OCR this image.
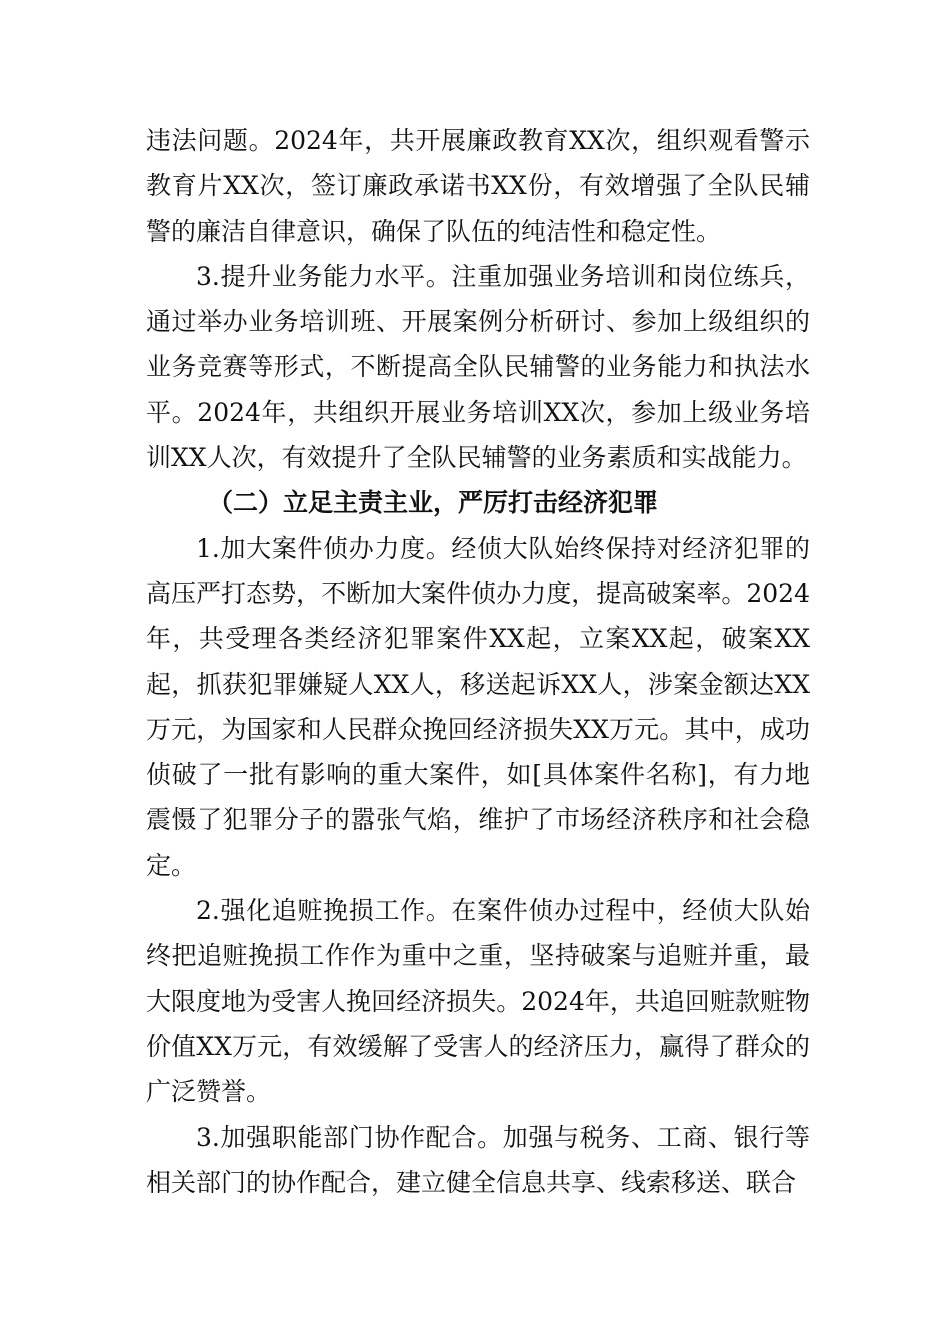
违法问题。2024年，共开展廉政教育XX次，组织观看警示教育片XX次，签订廉政承诺书XX份，有效增强了全队民辅警的廉洁自律意识，确保了队伍的纯洁性和稳定性。

3.提升业务能力水平。注重加强业务培训和岗位练兵，通过举办业务培训班、开展案例分析研讨、参加上级组织的业务竞赛等形式，不断提高全队民辅警的业务能力和执法水平。2024年，共组织开展业务培训XX次，参加上级业务培训XX人次，有效提升了全队民辅警的业务素质和实战能力。

（二）立足主责主业，严厉打击经济犯罪

1.加大案件侦办力度。经侦大队始终保持对经济犯罪的高压严打态势，不断加大案件侦办力度，提高破案率。2024年，共受理各类经济犯罪案件XX起，立案XX起，破案XX起，抓获犯罪嫌疑人XX人，移送起诉XX人，涉案金额达XX万元，为国家和人民群众挽回经济损失XX万元。其中，成功侦破了一批有影响的重大案件，如[具体案件名称]，有力地震慑了犯罪分子的嚣张气焰，维护了市场经济秩序和社会稳定。

2.强化追赃挽损工作。在案件侦办过程中，经侦大队始终把追赃挽损工作作为重中之重，坚持破案与追赃并重，最大限度地为受害人挽回经济损失。2024年，共追回赃款赃物价值XX万元，有效缓解了受害人的经济压力，赢得了群众的广泛赞誉。

3.加强职能部门协作配合。加强与税务、工商、银行等相关部门的协作配合，建立健全信息共享、线索移送、联合
